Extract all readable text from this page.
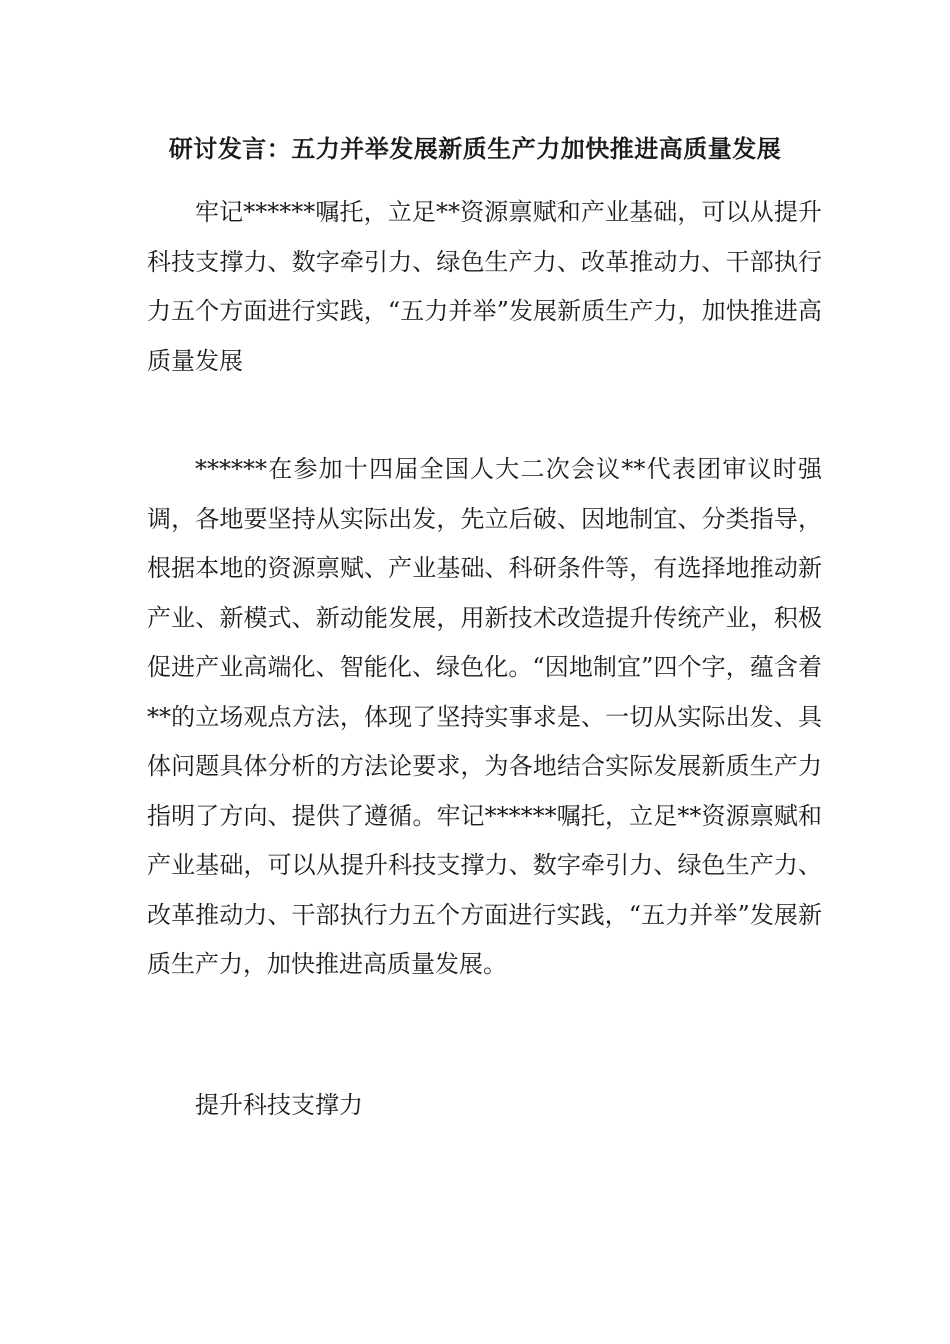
研讨发言：五力并举发展新质生产力加快推进高质量发展

牢记******嘱托，立足**资源禀赋和产业基础，可以从提升科技支撑力、数字牵引力、绿色生产力、改革推动力、干部执行力五个方面进行实践，“五力并举”发展新质生产力，加快推进高质量发展

******在参加十四届全国人大二次会议**代表团审议时强调，各地要坚持从实际出发，先立后破、因地制宜、分类指导，根据本地的资源禀赋、产业基础、科研条件等，有选择地推动新产业、新模式、新动能发展，用新技术改造提升传统产业，积极促进产业高端化、智能化、绿色化。“因地制宜”四个字，蕴含着**的立场观点方法，体现了坚持实事求是、一切从实际出发、具体问题具体分析的方法论要求，为各地结合实际发展新质生产力指明了方向、提供了遵循。牢记******嘱托，立足**资源禀赋和产业基础，可以从提升科技支撑力、数字牵引力、绿色生产力、改革推动力、干部执行力五个方面进行实践，“五力并举”发展新质生产力，加快推进高质量发展。

提升科技支撑力
